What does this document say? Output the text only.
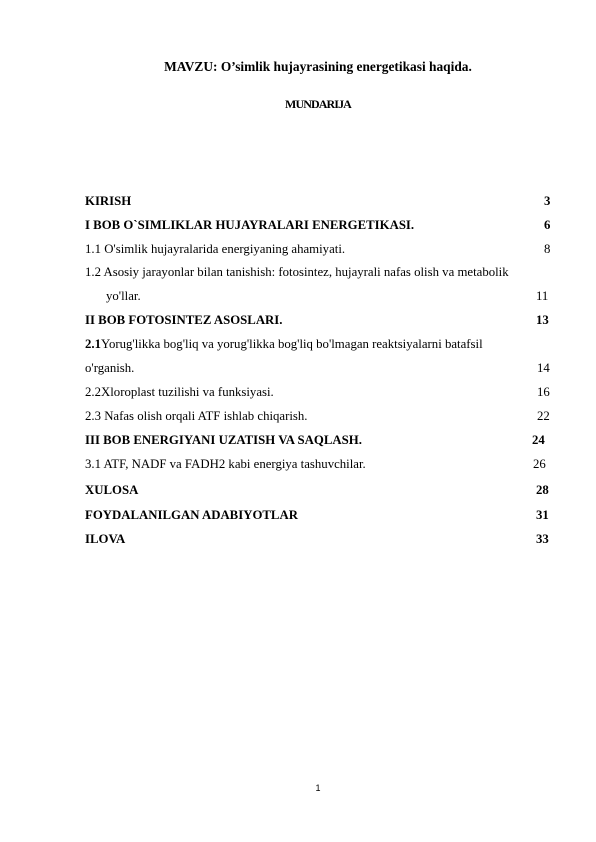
MAVZU: O’simlik hujayrasining energetikasi haqida.
MUNDARIJA
KIRISH	3
I BOB O`SIMLIKLAR HUJAYRALARI ENERGETIKASI.	6
1.1 O'simlik hujayralarida energiyaning ahamiyati.	8
1.2 Asosiy jarayonlar bilan tanishish: fotosintez, hujayrali nafas olish va metabolik
yo'llar.	11
II BOB FOTOSINTEZ ASOSLARI.	13
2.1Yorug'likka bog'liq va yorug'likka bog'liq bo'lmagan reaktsiyalarni batafsil
o'rganish.	14
2.2Xloroplast tuzilishi va funksiyasi.	16
2.3 Nafas olish orqali ATF ishlab chiqarish.	22
III BOB ENERGIYANI UZATISH VA SAQLASH.	24
3.1 ATF, NADF va FADH2 kabi energiya tashuvchilar.	26
XULOSA	28
FOYDALANILGAN ADABIYOTLAR	31
ILOVA	33
1
